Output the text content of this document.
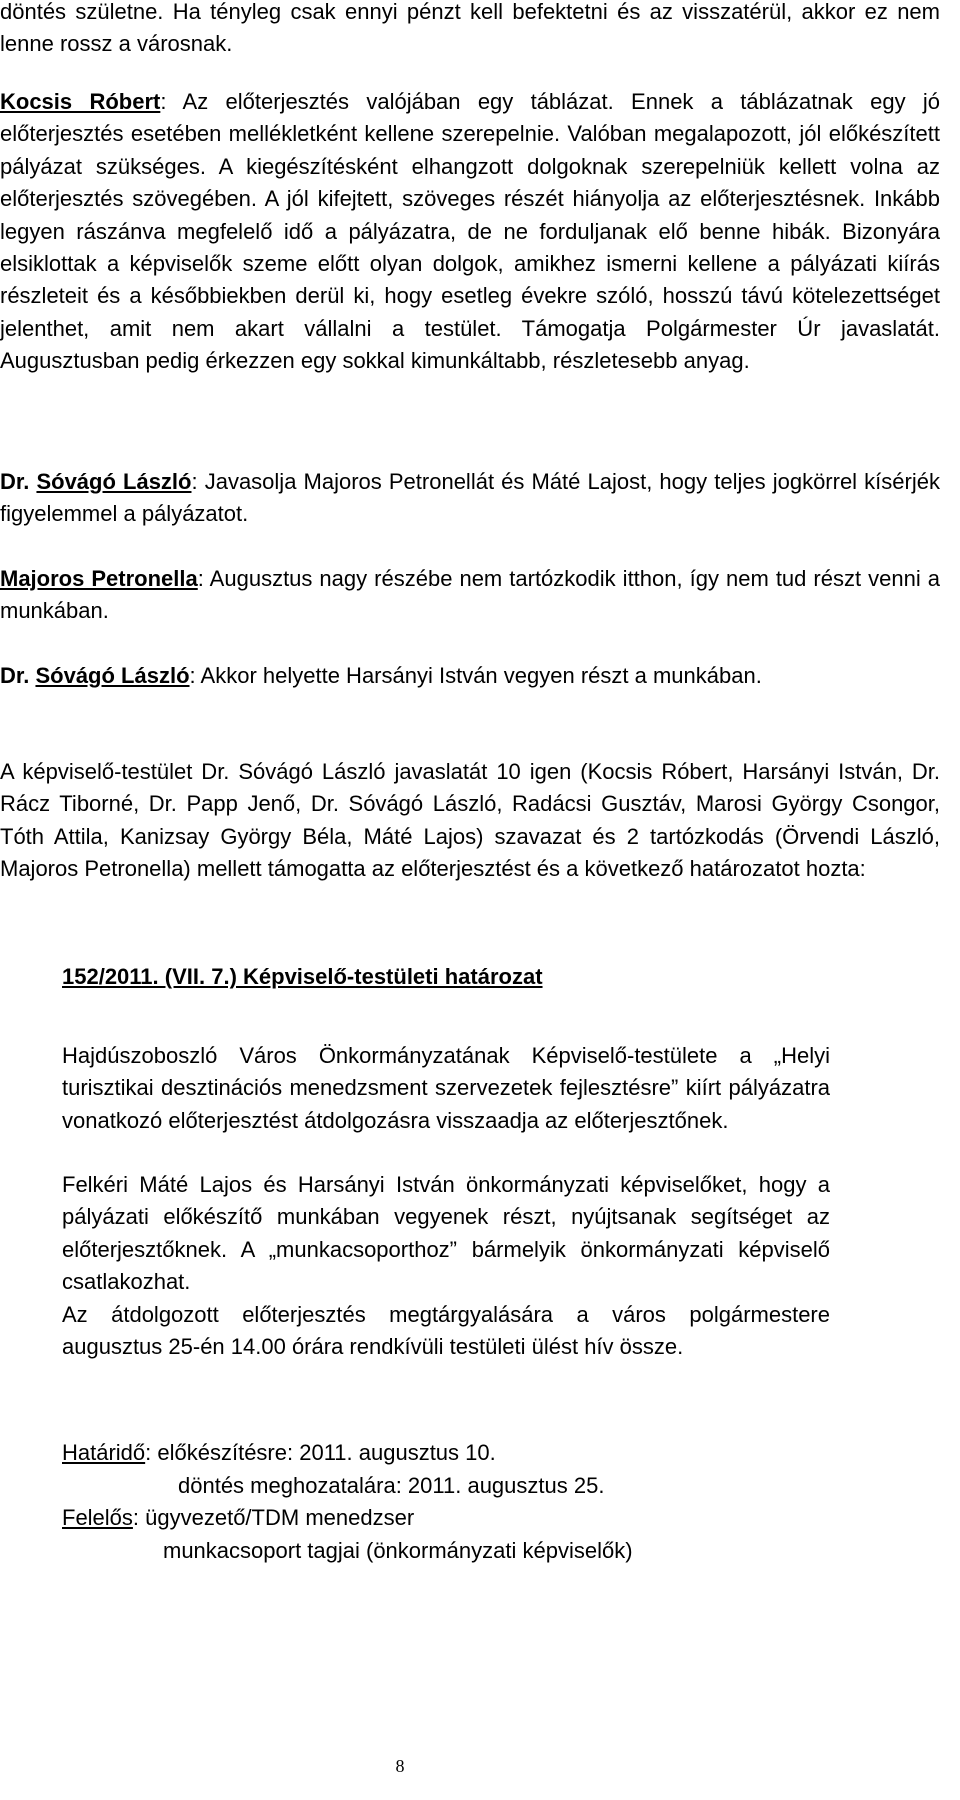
döntés születne. Ha tényleg csak ennyi pénzt kell befektetni és az visszatérül, akkor ez nem lenne rossz a városnak.

Kocsis Róbert: Az előterjesztés valójában egy táblázat. Ennek a táblázatnak egy jó előterjesztés esetében mellékletként kellene szerepelnie. Valóban megalapozott, jól előkészített pályázat szükséges. A kiegészítésként elhangzott dolgoknak szerepelniük kellett volna az előterjesztés szövegében. A jól kifejtett, szöveges részét hiányolja az előterjesztésnek. Inkább legyen rászánva megfelelő idő a pályázatra, de ne forduljanak elő benne hibák. Bizonyára elsiklottak a képviselők szeme előtt olyan dolgok, amikhez ismerni kellene a pályázati kiírás részleteit és a későbbiekben derül ki, hogy esetleg évekre szóló, hosszú távú kötelezettséget jelenthet, amit nem akart vállalni a testület. Támogatja Polgármester Úr javaslatát. Augusztusban pedig érkezzen egy sokkal kimunkáltabb, részletesebb anyag.

Dr. Sóvágó László: Javasolja Majoros Petronellát és Máté Lajost, hogy teljes jogkörrel kísérjék figyelemmel a pályázatot.

Majoros Petronella: Augusztus nagy részébe nem tartózkodik itthon, így nem tud részt venni a munkában.

Dr. Sóvágó László: Akkor helyette Harsányi István vegyen részt a munkában.

A képviselő-testület Dr. Sóvágó László javaslatát 10 igen (Kocsis Róbert, Harsányi István, Dr. Rácz Tiborné, Dr. Papp Jenő, Dr. Sóvágó László, Radácsi Gusztáv, Marosi György Csongor, Tóth Attila, Kanizsay György Béla, Máté Lajos) szavazat és 2 tartózkodás (Örvendi László, Majoros Petronella) mellett támogatta az előterjesztést és a következő határozatot hozta:

152/2011. (VII. 7.) Képviselő-testületi határozat

Hajdúszoboszló Város Önkormányzatának Képviselő-testülete a „Helyi turisztikai desztinációs menedzsment szervezetek fejlesztésre” kiírt pályázatra vonatkozó előterjesztést átdolgozásra visszaadja az előterjesztőnek.

Felkéri Máté Lajos és Harsányi István önkormányzati képviselőket, hogy a pályázati előkészítő munkában vegyenek részt, nyújtsanak segítséget az előterjesztőknek. A „munkacsoporthoz” bármelyik önkormányzati képviselő csatlakozhat.

Az átdolgozott előterjesztés megtárgyalására a város polgármestere augusztus 25-én 14.00 órára rendkívüli testületi ülést hív össze.

Határidő: előkészítésre: 2011. augusztus 10.

döntés meghozatalára: 2011. augusztus 25.

Felelős: ügyvezető/TDM menedzser

munkacsoport tagjai (önkormányzati képviselők)

8
